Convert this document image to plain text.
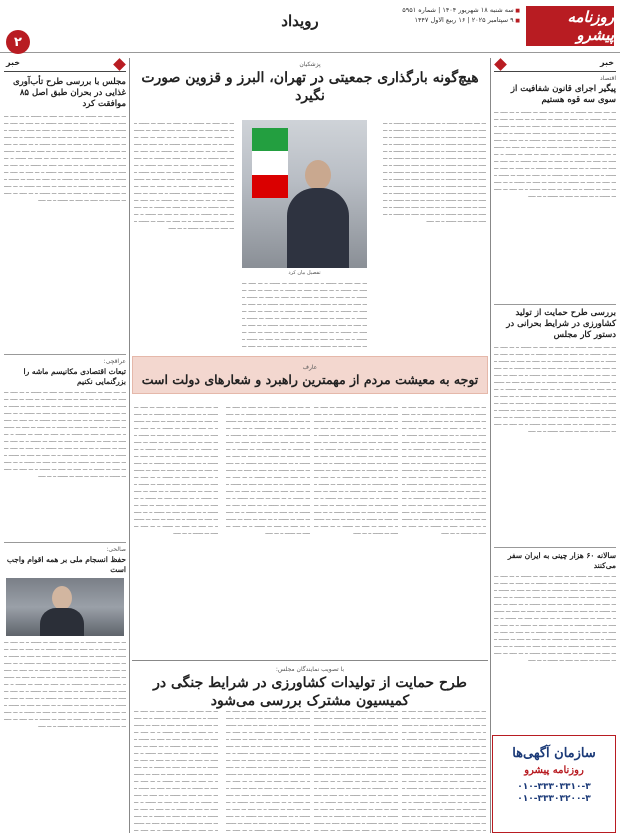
روزنامه پیشرو
■ سه شنبه ۱۸ شهریور ۱۴۰۴ | شماره ۵۹۵۱
■ ۹ سپتامبر ۲۰۲۵ | ۱۶ ربیع الاول ۱۴۴۷
رویداد
۲
خبر
اقتصاد
پیگیر اجرای قانون شفافیت از سوی سه قوه هستیم
ـــ ــــ ـــــ ـــ ـــــــ ــ ـــ ـــــ ـــ ـــــ ـــ ـــــــ ــ ـــ ـــــ ـــ ـــــ ـــ ـــــــ ــ ـــ ـــــ ـــ ـــــ ـــ ـــــــ ــ ـــ ـــــ ـــ ـــــ ـــ ـــــــ ــ ـــ ـــــ ـــ ـــــ ـــ ـــــــ ــ ـــ ـــــ ـــ ـــــ ـــ ـــــــ ــ ـــ ـــــ ـــ ـــــ ـــ ـــــــ ــ ـــ ـــــ ـــ ـــــ ـــ ـــــــ ــ ـــ ـــــ ـــ ـــــ ـــ ـــــــ ــ ـــ ـــــ ـــ ـــــ ـــ ـــــــ ــ ـــ ـــــ ـــ ـــــ ـــ ـــــــ ــ ـــ ـــــ ـــ ـــــ ـــ ـــــــ ــ ـــ ـــــ ـــ ـــــ ـــ ـــــــ ــ ـــ ـــــ ـــ ـــــ ـــ ـــــــ ــ ـــ ـــــ ـــ ـــــ ـــ ـــــــ ــ ـــ ـــــ ـــ ـــــ ـــ ـــــــ ــ ـــ ـــــ ـــ ـــــ ـــ ـــــــ ــ ـــ ـــــ ـــ ـــــ ـــ ـــــــ ــ ـــ ـــــ ـــ ـــــ ـــ ـــــــ ــ ـــ ـــــ ـــ ـــــ ـــ ـــــــ ــ ـــ ـــــ ـــ ـــــ ـــ ـــــــ ــ ـــ ـــــ ـــ ـــــ ـــ ـــــــ ــ ـــ ـــــ ـــ ـــــ ـــ ـــــــ ــ ـــ ـــــ ـــ ـــــ ـــ ـــــــ ــ ـــ ـــــ ـــ ـــــ ـــ ـــــــ ــ ـــ ـــــ ـــ ـــــ ـــ ـــــــ ــ ـــ ـــــ ـــ ـــــ ـــ ـــــــ ــ ـــ ـــــ ـــ ـــــ ـــ ـــــــ ــ ـــ ـــــ
بررسی طرح حمایت از تولید کشاورزی در شرایط بحرانی در دستور کار مجلس
ـــ ــــ ـــــ ـــ ـــــــ ــ ـــ ـــــ ـــ ـــــ ـــ ـــــــ ــ ـــ ـــــ ـــ ـــــ ـــ ـــــــ ــ ـــ ـــــ ـــ ـــــ ـــ ـــــــ ــ ـــ ـــــ ـــ ـــــ ـــ ـــــــ ــ ـــ ـــــ ـــ ـــــ ـــ ـــــــ ــ ـــ ـــــ ـــ ـــــ ـــ ـــــــ ــ ـــ ـــــ ـــ ـــــ ـــ ـــــــ ــ ـــ ـــــ ـــ ـــــ ـــ ـــــــ ــ ـــ ـــــ ـــ ـــــ ـــ ـــــــ ــ ـــ ـــــ ـــ ـــــ ـــ ـــــــ ــ ـــ ـــــ ـــ ـــــ ـــ ـــــــ ــ ـــ ـــــ ـــ ـــــ ـــ ـــــــ ــ ـــ ـــــ ـــ ـــــ ـــ ـــــــ ــ ـــ ـــــ ـــ ـــــ ـــ ـــــــ ــ ـــ ـــــ ـــ ـــــ ـــ ـــــــ ــ ـــ ـــــ ـــ ـــــ ـــ ـــــــ ــ ـــ ـــــ ـــ ـــــ ـــ ـــــــ ــ ـــ ـــــ ـــ ـــــ ـــ ـــــــ ــ ـــ ـــــ ـــ ـــــ ـــ ـــــــ ــ ـــ ـــــ ـــ ـــــ ـــ ـــــــ ــ ـــ ـــــ ـــ ـــــ ـــ ـــــــ ــ ـــ ـــــ ـــ ـــــ ـــ ـــــــ ــ ـــ ـــــ ـــ ـــــ ـــ ـــــــ ــ ـــ ـــــ ـــ ـــــ ـــ ـــــــ ــ ـــ ـــــ ـــ ـــــ ـــ ـــــــ ــ ـــ ـــــ ـــ ـــــ ـــ ـــــــ ــ ـــ ـــــ ـــ ـــــ ـــ ـــــــ ــ ـــ ـــــ ـــ ـــــ ـــ ـــــــ ــ ـــ ـــــ
سالانه ۶۰ هزار چینی به ایران سفر می‌کنند
ـــ ــــ ـــــ ـــ ـــــــ ــ ـــ ـــــ ـــ ـــــ ـــ ـــــــ ــ ـــ ـــــ ـــ ـــــ ـــ ـــــــ ــ ـــ ـــــ ـــ ـــــ ـــ ـــــــ ــ ـــ ـــــ ـــ ـــــ ـــ ـــــــ ــ ـــ ـــــ ـــ ـــــ ـــ ـــــــ ــ ـــ ـــــ ـــ ـــــ ـــ ـــــــ ــ ـــ ـــــ ـــ ـــــ ـــ ـــــــ ــ ـــ ـــــ ـــ ـــــ ـــ ـــــــ ــ ـــ ـــــ ـــ ـــــ ـــ ـــــــ ــ ـــ ـــــ ـــ ـــــ ـــ ـــــــ ــ ـــ ـــــ ـــ ـــــ ـــ ـــــــ ــ ـــ ـــــ ـــ ـــــ ـــ ـــــــ ــ ـــ ـــــ ـــ ـــــ ـــ ـــــــ ــ ـــ ـــــ ـــ ـــــ ـــ ـــــــ ــ ـــ ـــــ ـــ ـــــ ـــ ـــــــ ــ ـــ ـــــ ـــ ـــــ ـــ ـــــــ ــ ـــ ـــــ ـــ ـــــ ـــ ـــــــ ــ ـــ ـــــ ـــ ـــــ ـــ ـــــــ ــ ـــ ـــــ ـــ ـــــ ـــ ـــــــ ــ ـــ ـــــ ـــ ـــــ ـــ ـــــــ ــ ـــ ـــــ ـــ ـــــ ـــ ـــــــ ــ ـــ ـــــ ـــ ـــــ ـــ ـــــــ ــ ـــ ـــــ ـــ ـــــ ـــ ـــــــ ــ ـــ ـــــ ـــ ـــــ ـــ ـــــــ ــ ـــ ـــــ ـــ ـــــ ـــ ـــــــ ــ ـــ ـــــ ـــ ـــــ ـــ ـــــــ ــ ـــ ـــــ ـــ ـــــ ـــ ـــــــ ــ ـــ ـــــ ـــ ـــــ ـــ ـــــــ ــ ـــ ـــــ
سازمان آگهی‌ها
روزنامه پیشرو
۰۱۰-۳۳۳۰۳۳۱۰-۳
۰۱۰-۳۳۳۰۳۲۰۰-۳
خبر
مجلس با بررسی طرح تأب‌آوری غذایی در بحران طبق اصل ۸۵ موافقت کرد
ـــ ــــ ـــــ ـــ ـــــــ ــ ـــ ـــــ ـــ ـــــ ـــ ـــــــ ــ ـــ ـــــ ـــ ـــــ ـــ ـــــــ ــ ـــ ـــــ ـــ ـــــ ـــ ـــــــ ــ ـــ ـــــ ـــ ـــــ ـــ ـــــــ ــ ـــ ـــــ ـــ ـــــ ـــ ـــــــ ــ ـــ ـــــ ـــ ـــــ ـــ ـــــــ ــ ـــ ـــــ ـــ ـــــ ـــ ـــــــ ــ ـــ ـــــ ـــ ـــــ ـــ ـــــــ ــ ـــ ـــــ ـــ ـــــ ـــ ـــــــ ــ ـــ ـــــ ـــ ـــــ ـــ ـــــــ ــ ـــ ـــــ ـــ ـــــ ـــ ـــــــ ــ ـــ ـــــ ـــ ـــــ ـــ ـــــــ ــ ـــ ـــــ ـــ ـــــ ـــ ـــــــ ــ ـــ ـــــ ـــ ـــــ ـــ ـــــــ ــ ـــ ـــــ ـــ ـــــ ـــ ـــــــ ــ ـــ ـــــ ـــ ـــــ ـــ ـــــــ ــ ـــ ـــــ ـــ ـــــ ـــ ـــــــ ــ ـــ ـــــ ـــ ـــــ ـــ ـــــــ ــ ـــ ـــــ ـــ ـــــ ـــ ـــــــ ــ ـــ ـــــ ـــ ـــــ ـــ ـــــــ ــ ـــ ـــــ ـــ ـــــ ـــ ـــــــ ــ ـــ ـــــ ـــ ـــــ ـــ ـــــــ ــ ـــ ـــــ ـــ ـــــ ـــ ـــــــ ــ ـــ ـــــ ـــ ـــــ ـــ ـــــــ ــ ـــ ـــــ ـــ ـــــ ـــ ـــــــ ــ ـــ ـــــ ـــ ـــــ ـــ ـــــــ ــ ـــ ـــــ ـــ ـــــ ـــ ـــــــ ــ ـــ ـــــ ـــ ـــــ ـــ ـــــــ ــ ـــ ـــــ
عراقچی:
تبعات اقتصادی مکانیسم ماشه را بزرگنمایی نکنیم
ـــ ــــ ـــــ ـــ ـــــــ ــ ـــ ـــــ ـــ ـــــ ـــ ـــــــ ــ ـــ ـــــ ـــ ـــــ ـــ ـــــــ ــ ـــ ـــــ ـــ ـــــ ـــ ـــــــ ــ ـــ ـــــ ـــ ـــــ ـــ ـــــــ ــ ـــ ـــــ ـــ ـــــ ـــ ـــــــ ــ ـــ ـــــ ـــ ـــــ ـــ ـــــــ ــ ـــ ـــــ ـــ ـــــ ـــ ـــــــ ــ ـــ ـــــ ـــ ـــــ ـــ ـــــــ ــ ـــ ـــــ ـــ ـــــ ـــ ـــــــ ــ ـــ ـــــ ـــ ـــــ ـــ ـــــــ ــ ـــ ـــــ ـــ ـــــ ـــ ـــــــ ــ ـــ ـــــ ـــ ـــــ ـــ ـــــــ ــ ـــ ـــــ ـــ ـــــ ـــ ـــــــ ــ ـــ ـــــ ـــ ـــــ ـــ ـــــــ ــ ـــ ـــــ ـــ ـــــ ـــ ـــــــ ــ ـــ ـــــ ـــ ـــــ ـــ ـــــــ ــ ـــ ـــــ ـــ ـــــ ـــ ـــــــ ــ ـــ ـــــ ـــ ـــــ ـــ ـــــــ ــ ـــ ـــــ ـــ ـــــ ـــ ـــــــ ــ ـــ ـــــ ـــ ـــــ ـــ ـــــــ ــ ـــ ـــــ ـــ ـــــ ـــ ـــــــ ــ ـــ ـــــ ـــ ـــــ ـــ ـــــــ ــ ـــ ـــــ ـــ ـــــ ـــ ـــــــ ــ ـــ ـــــ ـــ ـــــ ـــ ـــــــ ــ ـــ ـــــ ـــ ـــــ ـــ ـــــــ ــ ـــ ـــــ ـــ ـــــ ـــ ـــــــ ــ ـــ ـــــ ـــ ـــــ ـــ ـــــــ ــ ـــ ـــــ ـــ ـــــ ـــ ـــــــ ــ ـــ ـــــ
صالحی:
حفظ انسجام ملی بر همه اقوام واجب است
ـــ ــــ ـــــ ـــ ـــــــ ــ ـــ ـــــ ـــ ـــــ ـــ ـــــــ ــ ـــ ـــــ ـــ ـــــ ـــ ـــــــ ــ ـــ ـــــ ـــ ـــــ ـــ ـــــــ ــ ـــ ـــــ ـــ ـــــ ـــ ـــــــ ــ ـــ ـــــ ـــ ـــــ ـــ ـــــــ ــ ـــ ـــــ ـــ ـــــ ـــ ـــــــ ــ ـــ ـــــ ـــ ـــــ ـــ ـــــــ ــ ـــ ـــــ ـــ ـــــ ـــ ـــــــ ــ ـــ ـــــ ـــ ـــــ ـــ ـــــــ ــ ـــ ـــــ ـــ ـــــ ـــ ـــــــ ــ ـــ ـــــ ـــ ـــــ ـــ ـــــــ ــ ـــ ـــــ ـــ ـــــ ـــ ـــــــ ــ ـــ ـــــ ـــ ـــــ ـــ ـــــــ ــ ـــ ـــــ ـــ ـــــ ـــ ـــــــ ــ ـــ ـــــ ـــ ـــــ ـــ ـــــــ ــ ـــ ـــــ ـــ ـــــ ـــ ـــــــ ــ ـــ ـــــ ـــ ـــــ ـــ ـــــــ ــ ـــ ـــــ ـــ ـــــ ـــ ـــــــ ــ ـــ ـــــ ـــ ـــــ ـــ ـــــــ ــ ـــ ـــــ ـــ ـــــ ـــ ـــــــ ــ ـــ ـــــ ـــ ـــــ ـــ ـــــــ ــ ـــ ـــــ ـــ ـــــ ـــ ـــــــ ــ ـــ ـــــ ـــ ـــــ ـــ ـــــــ ــ ـــ ـــــ ـــ ـــــ ـــ ـــــــ ــ ـــ ـــــ ـــ ـــــ ـــ ـــــــ ــ ـــ ـــــ ـــ ـــــ ـــ ـــــــ ــ ـــ ـــــ ـــ ـــــ ـــ ـــــــ ــ ـــ ـــــ ـــ ـــــ ـــ ـــــــ ــ ـــ ـــــ
پزشکیان
هیچ‌گونه بارگذاری جمعیتی در تهران، البرز و قزوین صورت نگیرد
ـــ ــــ ـــــ ـــ ـــــــ ــ ـــ ـــــ ـــ ـــــ ـــ ـــــــ ــ ـــ ـــــ ـــ ـــــ ـــ ـــــــ ــ ـــ ـــــ ـــ ـــــ ـــ ـــــــ ــ ـــ ـــــ ـــ ـــــ ـــ ـــــــ ــ ـــ ـــــ ـــ ـــــ ـــ ـــــــ ــ ـــ ـــــ ـــ ـــــ ـــ ـــــــ ــ ـــ ـــــ ـــ ـــــ ـــ ـــــــ ــ ـــ ـــــ ـــ ـــــ ـــ ـــــــ ــ ـــ ـــــ ـــ ـــــ ـــ ـــــــ ــ ـــ ـــــ ـــ ـــــ ـــ ـــــــ ــ ـــ ـــــ ـــ ـــــ ـــ ـــــــ ــ ـــ ـــــ ـــ ـــــ ـــ ـــــــ ــ ـــ ـــــ ـــ ـــــ ـــ ـــــــ ــ ـــ ـــــ ـــ ـــــ ـــ ـــــــ ــ ـــ ـــــ ـــ ـــــ ـــ ـــــــ ــ ـــ ـــــ ـــ ـــــ ـــ ـــــــ ــ ـــ ـــــ ـــ ـــــ ـــ ـــــــ ــ ـــ ـــــ ـــ ـــــ ـــ ـــــــ ــ ـــ ـــــ ـــ ـــــ ـــ ـــــــ ــ ـــ ـــــ ـــ ـــــ ـــ ـــــــ ــ ـــ ـــــ ـــ ـــــ ـــ ـــــــ ــ ـــ ـــــ ـــ ـــــ ـــ ـــــــ ــ ـــ ـــــ ـــ ـــــ ـــ ـــــــ ــ ـــ ـــــ ـــ ـــــ ـــ ـــــــ ــ ـــ ـــــ ـــ ـــــ ـــ ـــــــ ــ ـــ ـــــ ـــ ـــــ ـــ ـــــــ ــ ـــ ـــــ ـــ ـــــ ـــ ـــــــ ــ ـــ ـــــ ـــ ـــــ ـــ ـــــــ ــ ـــ ـــــ
ـــ ــــ ـــــ ـــ ـــــــ ــ ـــ ـــــ ـــ ـــــ ـــ ـــــــ ــ ـــ ـــــ ـــ ـــــ ـــ ـــــــ ــ ـــ ـــــ ـــ ـــــ ـــ ـــــــ ــ ـــ ـــــ ـــ ـــــ ـــ ـــــــ ــ ـــ ـــــ ـــ ـــــ ـــ ـــــــ ــ ـــ ـــــ ـــ ـــــ ـــ ـــــــ ــ ـــ ـــــ ـــ ـــــ ـــ ـــــــ ــ ـــ ـــــ ـــ ـــــ ـــ ـــــــ ــ ـــ ـــــ ـــ ـــــ ـــ ـــــــ ــ ـــ ـــــ ـــ ـــــ ـــ ـــــــ ــ ـــ ـــــ ـــ ـــــ ـــ ـــــــ ــ ـــ ـــــ ـــ ـــــ ـــ ـــــــ ــ ـــ ـــــ ـــ ـــــ ـــ ـــــــ ــ ـــ ـــــ ـــ ـــــ ـــ ـــــــ ــ ـــ ـــــ ـــ ـــــ ـــ ـــــــ ــ ـــ ـــــ ـــ ـــــ ـــ ـــــــ ــ ـــ ـــــ ـــ ـــــ ـــ ـــــــ ــ ـــ ـــــ ـــ ـــــ ـــ ـــــــ ــ ـــ ـــــ ـــ ـــــ ـــ ـــــــ ــ ـــ ـــــ ـــ ـــــ ـــ ـــــــ ــ ـــ ـــــ ـــ ـــــ ـــ ـــــــ ــ ـــ ـــــ ـــ ـــــ ـــ ـــــــ ــ ـــ ـــــ ـــ ـــــ ـــ ـــــــ ــ ـــ ـــــ ـــ ـــــ ـــ ـــــــ ــ ـــ ـــــ ـــ ـــــ ـــ ـــــــ ــ ـــ ـــــ ـــ ـــــ ـــ ـــــــ ــ ـــ ـــــ ـــ ـــــ ـــ ـــــــ ــ ـــ ـــــ ـــ ـــــ ـــ ـــــــ ــ ـــ ـــــ
تفصیل بیان کرد
ـــ ــــ ـــــ ـــ ـــــــ ــ ـــ ـــــ ـــ ـــــ ـــ ـــــــ ــ ـــ ـــــ ـــ ـــــ ـــ ـــــــ ــ ـــ ـــــ ـــ ـــــ ـــ ـــــــ ــ ـــ ـــــ ـــ ـــــ ـــ ـــــــ ــ ـــ ـــــ ـــ ـــــ ـــ ـــــــ ــ ـــ ـــــ ـــ ـــــ ـــ ـــــــ ــ ـــ ـــــ ـــ ـــــ ـــ ـــــــ ــ ـــ ـــــ ـــ ـــــ ـــ ـــــــ ــ ـــ ـــــ ـــ ـــــ ـــ ـــــــ ــ ـــ ـــــ ـــ ـــــ ـــ ـــــــ ــ ـــ ـــــ ـــ ـــــ ـــ ـــــــ ــ ـــ ـــــ ـــ ـــــ ـــ ـــــــ ــ ـــ ـــــ ـــ ـــــ ـــ ـــــــ ــ ـــ ـــــ ـــ ـــــ ـــ ـــــــ ــ ـــ ـــــ ـــ ـــــ ـــ ـــــــ ــ ـــ ـــــ ـــ ـــــ ـــ ـــــــ ــ ـــ ـــــ ـــ ـــــ ـــ ـــــــ ــ ـــ ـــــ ـــ ـــــ ـــ ـــــــ ــ ـــ ـــــ ـــ ـــــ ـــ ـــــــ ــ ـــ ـــــ ـــ ـــــ ـــ ـــــــ ــ ـــ ـــــ ـــ ـــــ ـــ ـــــــ ــ ـــ ـــــ ـــ ـــــ ـــ ـــــــ ــ ـــ ـــــ ـــ ـــــ ـــ ـــــــ ــ ـــ ـــــ ـــ ـــــ ـــ ـــــــ ــ ـــ ـــــ ـــ ـــــ ـــ ـــــــ ــ ـــ ـــــ ـــ ـــــ ـــ ـــــــ ــ ـــ ـــــ ـــ ـــــ ـــ ـــــــ ــ ـــ ـــــ ـــ ـــــ ـــ ـــــــ ــ ـــ ـــــ
عارف
توجه به معیشت مردم از مهمترین راهبرد و شعارهای دولت است
ـــ ــــ ـــــ ـــ ـــــــ ــ ـــ ـــــ ـــ ـــــ ـــ ـــــــ ــ ـــ ـــــ ـــ ـــــ ـــ ـــــــ ــ ـــ ـــــ ـــ ـــــ ـــ ـــــــ ــ ـــ ـــــ ـــ ـــــ ـــ ـــــــ ــ ـــ ـــــ ـــ ـــــ ـــ ـــــــ ــ ـــ ـــــ ـــ ـــــ ـــ ـــــــ ــ ـــ ـــــ ـــ ـــــ ـــ ـــــــ ــ ـــ ـــــ ـــ ـــــ ـــ ـــــــ ــ ـــ ـــــ ـــ ـــــ ـــ ـــــــ ــ ـــ ـــــ ـــ ـــــ ـــ ـــــــ ــ ـــ ـــــ ـــ ـــــ ـــ ـــــــ ــ ـــ ـــــ ـــ ـــــ ـــ ـــــــ ــ ـــ ـــــ ـــ ـــــ ـــ ـــــــ ــ ـــ ـــــ ـــ ـــــ ـــ ـــــــ ــ ـــ ـــــ ـــ ـــــ ـــ ـــــــ ــ ـــ ـــــ ـــ ـــــ ـــ ـــــــ ــ ـــ ـــــ ـــ ـــــ ـــ ـــــــ ــ ـــ ـــــ ـــ ـــــ ـــ ـــــــ ــ ـــ ـــــ ـــ ـــــ ـــ ـــــــ ــ ـــ ـــــ ـــ ـــــ ـــ ـــــــ ــ ـــ ـــــ ـــ ـــــ ـــ ـــــــ ــ ـــ ـــــ ـــ ـــــ ـــ ـــــــ ــ ـــ ـــــ ـــ ـــــ ـــ ـــــــ ــ ـــ ـــــ ـــ ـــــ ـــ ـــــــ ــ ـــ ـــــ ـــ ـــــ ـــ ـــــــ ــ ـــ ـــــ ـــ ـــــ ـــ ـــــــ ــ ـــ ـــــ ـــ ـــــ ـــ ـــــــ ــ ـــ ـــــ ـــ ـــــ ـــ ـــــــ ــ ـــ ـــــ
ـــ ــــ ـــــ ـــ ـــــــ ــ ـــ ـــــ ـــ ـــــ ـــ ـــــــ ــ ـــ ـــــ ـــ ـــــ ـــ ـــــــ ــ ـــ ـــــ ـــ ـــــ ـــ ـــــــ ــ ـــ ـــــ ـــ ـــــ ـــ ـــــــ ــ ـــ ـــــ ـــ ـــــ ـــ ـــــــ ــ ـــ ـــــ ـــ ـــــ ـــ ـــــــ ــ ـــ ـــــ ـــ ـــــ ـــ ـــــــ ــ ـــ ـــــ ـــ ـــــ ـــ ـــــــ ــ ـــ ـــــ ـــ ـــــ ـــ ـــــــ ــ ـــ ـــــ ـــ ـــــ ـــ ـــــــ ــ ـــ ـــــ ـــ ـــــ ـــ ـــــــ ــ ـــ ـــــ ـــ ـــــ ـــ ـــــــ ــ ـــ ـــــ ـــ ـــــ ـــ ـــــــ ــ ـــ ـــــ ـــ ـــــ ـــ ـــــــ ــ ـــ ـــــ ـــ ـــــ ـــ ـــــــ ــ ـــ ـــــ ـــ ـــــ ـــ ـــــــ ــ ـــ ـــــ ـــ ـــــ ـــ ـــــــ ــ ـــ ـــــ ـــ ـــــ ـــ ـــــــ ــ ـــ ـــــ ـــ ـــــ ـــ ـــــــ ــ ـــ ـــــ ـــ ـــــ ـــ ـــــــ ــ ـــ ـــــ ـــ ـــــ ـــ ـــــــ ــ ـــ ـــــ ـــ ـــــ ـــ ـــــــ ــ ـــ ـــــ ـــ ـــــ ـــ ـــــــ ــ ـــ ـــــ ـــ ـــــ ـــ ـــــــ ــ ـــ ـــــ ـــ ـــــ ـــ ـــــــ ــ ـــ ـــــ ـــ ـــــ ـــ ـــــــ ــ ـــ ـــــ ـــ ـــــ ـــ ـــــــ ــ ـــ ـــــ ـــ ـــــ ـــ ـــــــ ــ ـــ ـــــ
ـــ ــــ ـــــ ـــ ـــــــ ــ ـــ ـــــ ـــ ـــــ ـــ ـــــــ ــ ـــ ـــــ ـــ ـــــ ـــ ـــــــ ــ ـــ ـــــ ـــ ـــــ ـــ ـــــــ ــ ـــ ـــــ ـــ ـــــ ـــ ـــــــ ــ ـــ ـــــ ـــ ـــــ ـــ ـــــــ ــ ـــ ـــــ ـــ ـــــ ـــ ـــــــ ــ ـــ ـــــ ـــ ـــــ ـــ ـــــــ ــ ـــ ـــــ ـــ ـــــ ـــ ـــــــ ــ ـــ ـــــ ـــ ـــــ ـــ ـــــــ ــ ـــ ـــــ ـــ ـــــ ـــ ـــــــ ــ ـــ ـــــ ـــ ـــــ ـــ ـــــــ ــ ـــ ـــــ ـــ ـــــ ـــ ـــــــ ــ ـــ ـــــ ـــ ـــــ ـــ ـــــــ ــ ـــ ـــــ ـــ ـــــ ـــ ـــــــ ــ ـــ ـــــ ـــ ـــــ ـــ ـــــــ ــ ـــ ـــــ ـــ ـــــ ـــ ـــــــ ــ ـــ ـــــ ـــ ـــــ ـــ ـــــــ ــ ـــ ـــــ ـــ ـــــ ـــ ـــــــ ــ ـــ ـــــ ـــ ـــــ ـــ ـــــــ ــ ـــ ـــــ ـــ ـــــ ـــ ـــــــ ــ ـــ ـــــ ـــ ـــــ ـــ ـــــــ ــ ـــ ـــــ ـــ ـــــ ـــ ـــــــ ــ ـــ ـــــ ـــ ـــــ ـــ ـــــــ ــ ـــ ـــــ ـــ ـــــ ـــ ـــــــ ــ ـــ ـــــ ـــ ـــــ ـــ ـــــــ ــ ـــ ـــــ ـــ ـــــ ـــ ـــــــ ــ ـــ ـــــ ـــ ـــــ ـــ ـــــــ ــ ـــ ـــــ ـــ ـــــ ـــ ـــــــ ــ ـــ ـــــ
ـــ ــــ ـــــ ـــ ـــــــ ــ ـــ ـــــ ـــ ـــــ ـــ ـــــــ ــ ـــ ـــــ ـــ ـــــ ـــ ـــــــ ــ ـــ ـــــ ـــ ـــــ ـــ ـــــــ ــ ـــ ـــــ ـــ ـــــ ـــ ـــــــ ــ ـــ ـــــ ـــ ـــــ ـــ ـــــــ ــ ـــ ـــــ ـــ ـــــ ـــ ـــــــ ــ ـــ ـــــ ـــ ـــــ ـــ ـــــــ ــ ـــ ـــــ ـــ ـــــ ـــ ـــــــ ــ ـــ ـــــ ـــ ـــــ ـــ ـــــــ ــ ـــ ـــــ ـــ ـــــ ـــ ـــــــ ــ ـــ ـــــ ـــ ـــــ ـــ ـــــــ ــ ـــ ـــــ ـــ ـــــ ـــ ـــــــ ــ ـــ ـــــ ـــ ـــــ ـــ ـــــــ ــ ـــ ـــــ ـــ ـــــ ـــ ـــــــ ــ ـــ ـــــ ـــ ـــــ ـــ ـــــــ ــ ـــ ـــــ ـــ ـــــ ـــ ـــــــ ــ ـــ ـــــ ـــ ـــــ ـــ ـــــــ ــ ـــ ـــــ ـــ ـــــ ـــ ـــــــ ــ ـــ ـــــ ـــ ـــــ ـــ ـــــــ ــ ـــ ـــــ ـــ ـــــ ـــ ـــــــ ــ ـــ ـــــ ـــ ـــــ ـــ ـــــــ ــ ـــ ـــــ ـــ ـــــ ـــ ـــــــ ــ ـــ ـــــ ـــ ـــــ ـــ ـــــــ ــ ـــ ـــــ ـــ ـــــ ـــ ـــــــ ــ ـــ ـــــ ـــ ـــــ ـــ ـــــــ ــ ـــ ـــــ ـــ ـــــ ـــ ـــــــ ــ ـــ ـــــ ـــ ـــــ ـــ ـــــــ ــ ـــ ـــــ ـــ ـــــ ـــ ـــــــ ــ ـــ ـــــ
با تصویب نمایندگان مجلس:
طرح حمایت از تولیدات کشاورزی در شرایط جنگی در کمیسیون مشترک بررسی می‌شود
ـــ ــــ ـــــ ـــ ـــــــ ــ ـــ ـــــ ـــ ـــــ ـــ ـــــــ ــ ـــ ـــــ ـــ ـــــ ـــ ـــــــ ــ ـــ ـــــ ـــ ـــــ ـــ ـــــــ ــ ـــ ـــــ ـــ ـــــ ـــ ـــــــ ــ ـــ ـــــ ـــ ـــــ ـــ ـــــــ ــ ـــ ـــــ ـــ ـــــ ـــ ـــــــ ــ ـــ ـــــ ـــ ـــــ ـــ ـــــــ ــ ـــ ـــــ ـــ ـــــ ـــ ـــــــ ــ ـــ ـــــ ـــ ـــــ ـــ ـــــــ ــ ـــ ـــــ ـــ ـــــ ـــ ـــــــ ــ ـــ ـــــ ـــ ـــــ ـــ ـــــــ ــ ـــ ـــــ ـــ ـــــ ـــ ـــــــ ــ ـــ ـــــ ـــ ـــــ ـــ ـــــــ ــ ـــ ـــــ ـــ ـــــ ـــ ـــــــ ــ ـــ ـــــ ـــ ـــــ ـــ ـــــــ ــ ـــ ـــــ ـــ ـــــ ـــ ـــــــ ــ ـــ ـــــ ـــ ـــــ ـــ ـــــــ ــ ـــ ـــــ ـــ ـــــ ـــ ـــــــ ــ ـــ ـــــ ـــ ـــــ ـــ ـــــــ ــ ـــ ـــــ ـــ ـــــ ـــ ـــــــ ــ ـــ ـــــ ـــ ـــــ ـــ ـــــــ ــ ـــ ـــــ ـــ ـــــ ـــ ـــــــ ــ ـــ ـــــ ـــ ـــــ ـــ ـــــــ ــ ـــ ـــــ ـــ ـــــ ـــ ـــــــ ــ ـــ ـــــ ـــ ـــــ ـــ ـــــــ ــ ـــ ـــــ ـــ ـــــ ـــ ـــــــ ــ ـــ ـــــ ـــ ـــــ ـــ ـــــــ ــ ـــ ـــــ ـــ ـــــ ـــ ـــــــ ــ ـــ ـــــ
ـــ ــــ ـــــ ـــ ـــــــ ــ ـــ ـــــ ـــ ـــــ ـــ ـــــــ ــ ـــ ـــــ ـــ ـــــ ـــ ـــــــ ــ ـــ ـــــ ـــ ـــــ ـــ ـــــــ ــ ـــ ـــــ ـــ ـــــ ـــ ـــــــ ــ ـــ ـــــ ـــ ـــــ ـــ ـــــــ ــ ـــ ـــــ ـــ ـــــ ـــ ـــــــ ــ ـــ ـــــ ـــ ـــــ ـــ ـــــــ ــ ـــ ـــــ ـــ ـــــ ـــ ـــــــ ــ ـــ ـــــ ـــ ـــــ ـــ ـــــــ ــ ـــ ـــــ ـــ ـــــ ـــ ـــــــ ــ ـــ ـــــ ـــ ـــــ ـــ ـــــــ ــ ـــ ـــــ ـــ ـــــ ـــ ـــــــ ــ ـــ ـــــ ـــ ـــــ ـــ ـــــــ ــ ـــ ـــــ ـــ ـــــ ـــ ـــــــ ــ ـــ ـــــ ـــ ـــــ ـــ ـــــــ ــ ـــ ـــــ ـــ ـــــ ـــ ـــــــ ــ ـــ ـــــ ـــ ـــــ ـــ ـــــــ ــ ـــ ـــــ ـــ ـــــ ـــ ـــــــ ــ ـــ ـــــ ـــ ـــــ ـــ ـــــــ ــ ـــ ـــــ ـــ ـــــ ـــ ـــــــ ــ ـــ ـــــ ـــ ـــــ ـــ ـــــــ ــ ـــ ـــــ ـــ ـــــ ـــ ـــــــ ــ ـــ ـــــ ـــ ـــــ ـــ ـــــــ ــ ـــ ـــــ ـــ ـــــ ـــ ـــــــ ــ ـــ ـــــ ـــ ـــــ ـــ ـــــــ ــ ـــ ـــــ ـــ ـــــ ـــ ـــــــ ــ ـــ ـــــ ـــ ـــــ ـــ ـــــــ ــ ـــ ـــــ ـــ ـــــ ـــ ـــــــ ــ ـــ ـــــ
ـــ ــــ ـــــ ـــ ـــــــ ــ ـــ ـــــ ـــ ـــــ ـــ ـــــــ ــ ـــ ـــــ ـــ ـــــ ـــ ـــــــ ــ ـــ ـــــ ـــ ـــــ ـــ ـــــــ ــ ـــ ـــــ ـــ ـــــ ـــ ـــــــ ــ ـــ ـــــ ـــ ـــــ ـــ ـــــــ ــ ـــ ـــــ ـــ ـــــ ـــ ـــــــ ــ ـــ ـــــ ـــ ـــــ ـــ ـــــــ ــ ـــ ـــــ ـــ ـــــ ـــ ـــــــ ــ ـــ ـــــ ـــ ـــــ ـــ ـــــــ ــ ـــ ـــــ ـــ ـــــ ـــ ـــــــ ــ ـــ ـــــ ـــ ـــــ ـــ ـــــــ ــ ـــ ـــــ ـــ ـــــ ـــ ـــــــ ــ ـــ ـــــ ـــ ـــــ ـــ ـــــــ ــ ـــ ـــــ ـــ ـــــ ـــ ـــــــ ــ ـــ ـــــ ـــ ـــــ ـــ ـــــــ ــ ـــ ـــــ ـــ ـــــ ـــ ـــــــ ــ ـــ ـــــ ـــ ـــــ ـــ ـــــــ ــ ـــ ـــــ ـــ ـــــ ـــ ـــــــ ــ ـــ ـــــ ـــ ـــــ ـــ ـــــــ ــ ـــ ـــــ ـــ ـــــ ـــ ـــــــ ــ ـــ ـــــ ـــ ـــــ ـــ ـــــــ ــ ـــ ـــــ ـــ ـــــ ـــ ـــــــ ــ ـــ ـــــ ـــ ـــــ ـــ ـــــــ ــ ـــ ـــــ ـــ ـــــ ـــ ـــــــ ــ ـــ ـــــ ـــ ـــــ ـــ ـــــــ ــ ـــ ـــــ ـــ ـــــ ـــ ـــــــ ــ ـــ ـــــ ـــ ـــــ ـــ ـــــــ ــ ـــ ـــــ ـــ ـــــ ـــ ـــــــ ــ ـــ ـــــ
ـــ ــــ ـــــ ـــ ـــــــ ــ ـــ ـــــ ـــ ـــــ ـــ ـــــــ ــ ـــ ـــــ ـــ ـــــ ـــ ـــــــ ــ ـــ ـــــ ـــ ـــــ ـــ ـــــــ ــ ـــ ـــــ ـــ ـــــ ـــ ـــــــ ــ ـــ ـــــ ـــ ـــــ ـــ ـــــــ ــ ـــ ـــــ ـــ ـــــ ـــ ـــــــ ــ ـــ ـــــ ـــ ـــــ ـــ ـــــــ ــ ـــ ـــــ ـــ ـــــ ـــ ـــــــ ــ ـــ ـــــ ـــ ـــــ ـــ ـــــــ ــ ـــ ـــــ ـــ ـــــ ـــ ـــــــ ــ ـــ ـــــ ـــ ـــــ ـــ ـــــــ ــ ـــ ـــــ ـــ ـــــ ـــ ـــــــ ــ ـــ ـــــ ـــ ـــــ ـــ ـــــــ ــ ـــ ـــــ ـــ ـــــ ـــ ـــــــ ــ ـــ ـــــ ـــ ـــــ ـــ ـــــــ ــ ـــ ـــــ ـــ ـــــ ـــ ـــــــ ــ ـــ ـــــ ـــ ـــــ ـــ ـــــــ ــ ـــ ـــــ ـــ ـــــ ـــ ـــــــ ــ ـــ ـــــ ـــ ـــــ ـــ ـــــــ ــ ـــ ـــــ ـــ ـــــ ـــ ـــــــ ــ ـــ ـــــ ـــ ـــــ ـــ ـــــــ ــ ـــ ـــــ ـــ ـــــ ـــ ـــــــ ــ ـــ ـــــ ـــ ـــــ ـــ ـــــــ ــ ـــ ـــــ ـــ ـــــ ـــ ـــــــ ــ ـــ ـــــ ـــ ـــــ ـــ ـــــــ ــ ـــ ـــــ ـــ ـــــ ـــ ـــــــ ــ ـــ ـــــ ـــ ـــــ ـــ ـــــــ ــ ـــ ـــــ ـــ ـــــ ـــ ـــــــ ــ ـــ ـــــ
